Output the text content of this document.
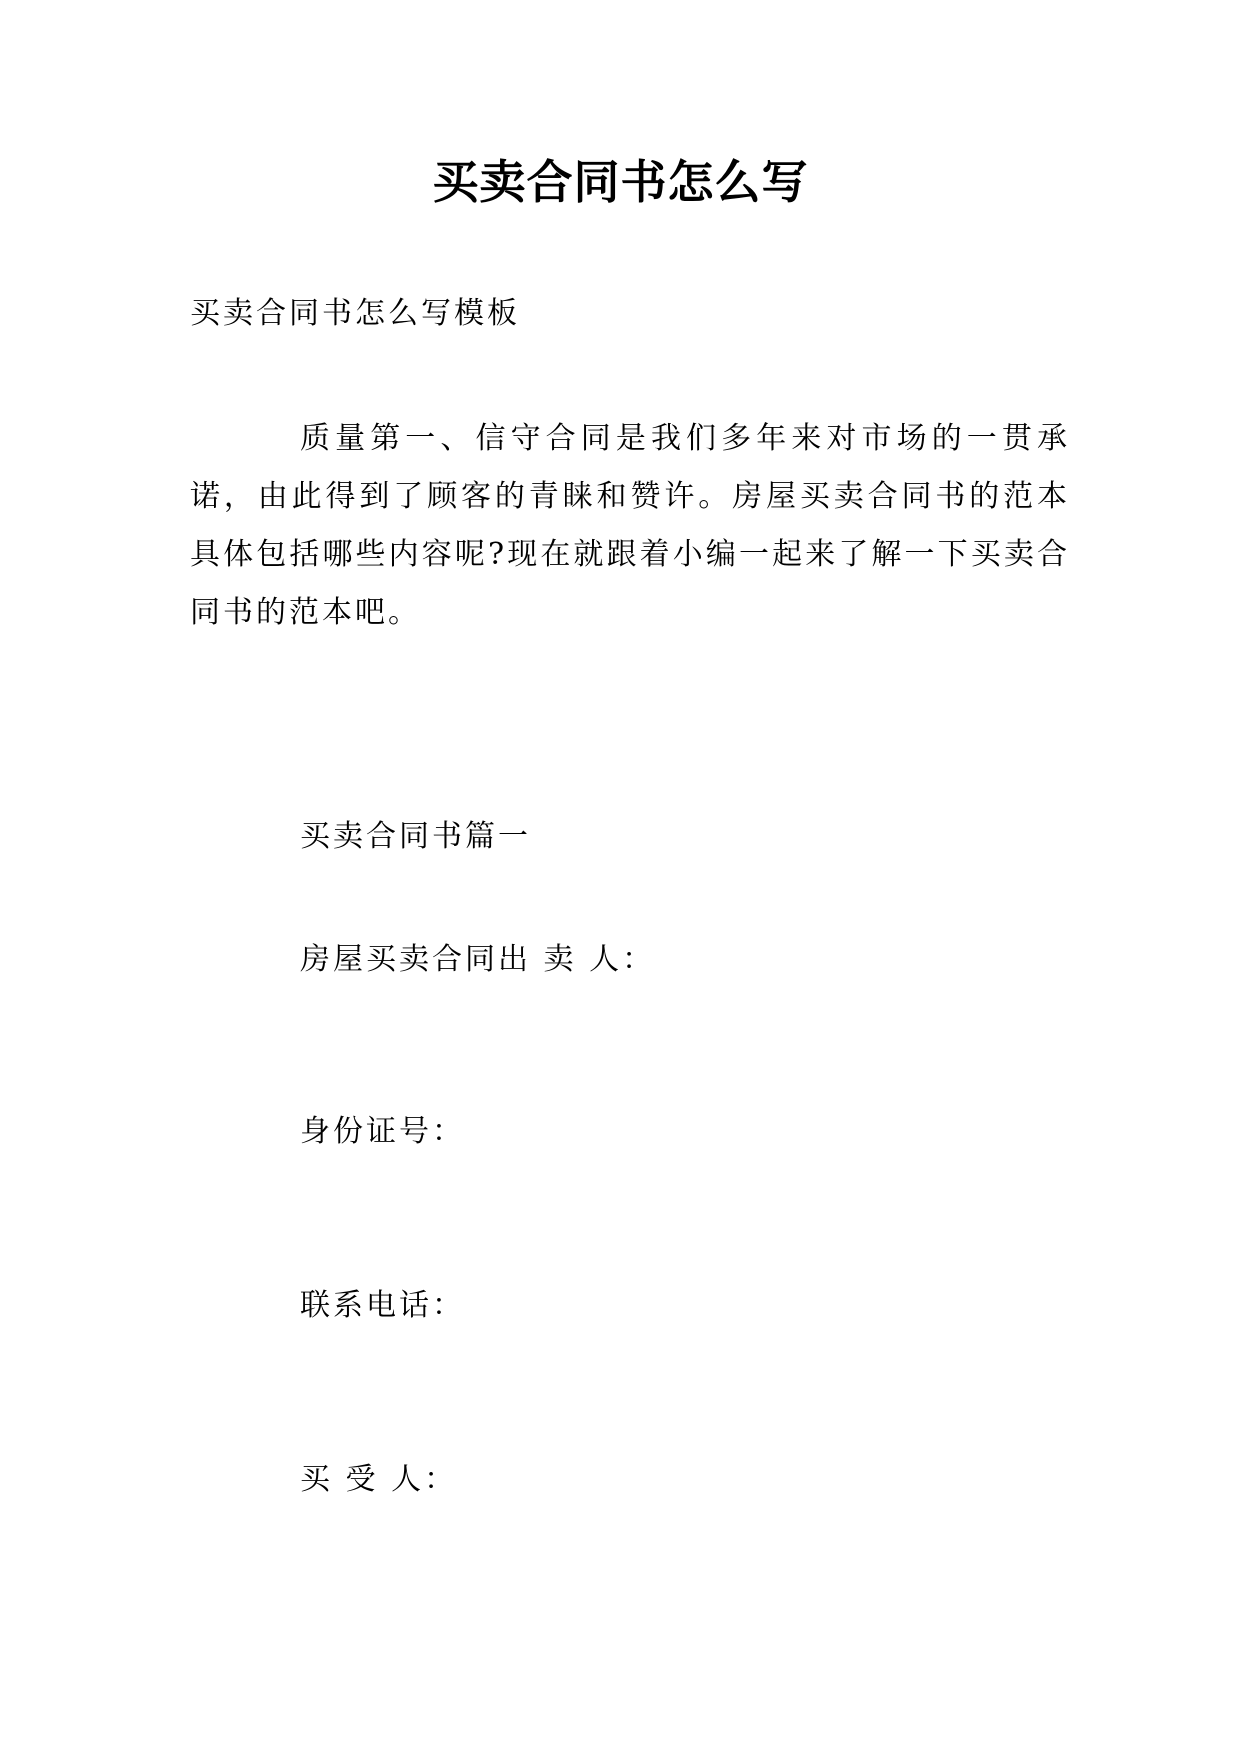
买卖合同书怎么写
买卖合同书怎么写模板

质量第一、信守合同是我们多年来对市场的一贯承诺，由此得到了顾客的青睐和赞许。房屋买卖合同书的范本具体包括哪些内容呢?现在就跟着小编一起来了解一下买卖合同书的范本吧。

买卖合同书篇一
房屋买卖合同出 卖 人：
身份证号：
联系电话：
买 受 人：
